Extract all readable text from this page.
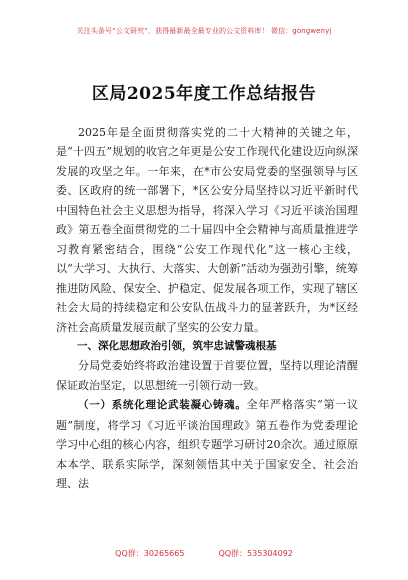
关注头条号“公文研究”，获得最新最全最专业的公文资料库！ 微信：gongwenyj
区局2025年度工作总结报告

2025年是全面贯彻落实党的二十大精神的关键之年，是“十四五”规划的收官之年更是公安工作现代化建设迈向纵深发展的攻坚之年。一年来，在*市公安局党委的坚强领导与区委、区政府的统一部署下，*区公安分局坚持以习近平新时代中国特色社会主义思想为指导，将深入学习《习近平谈治国理政》第五卷全面贯彻党的二十届四中全会精神与高质量推进学习教育紧密结合，围绕“公安工作现代化”这一核心主线，以“大学习、大执行、大落实、大创新”活动为强劲引擎，统筹推进防风险、保安全、护稳定、促发展各项工作，实现了辖区社会大局的持续稳定和公安队伍战斗力的显著跃升，为*区经济社会高质量发展贡献了坚实的公安力量。

一、深化思想政治引领，筑牢忠诚警魂根基

分局党委始终将政治建设置于首要位置，坚持以理论清醒保证政治坚定，以思想统一引领行动一致。

（一）系统化理论武装凝心铸魂。全年严格落实“第一议题”制度，将学习《习近平谈治国理政》第五卷作为党委理论学习中心组的核心内容，组织专题学习研讨20余次。通过原原本本学、联系实际学，深刻领悟其中关于国家安全、社会治理、法

QQ群：30265665	QQ群：535304092
